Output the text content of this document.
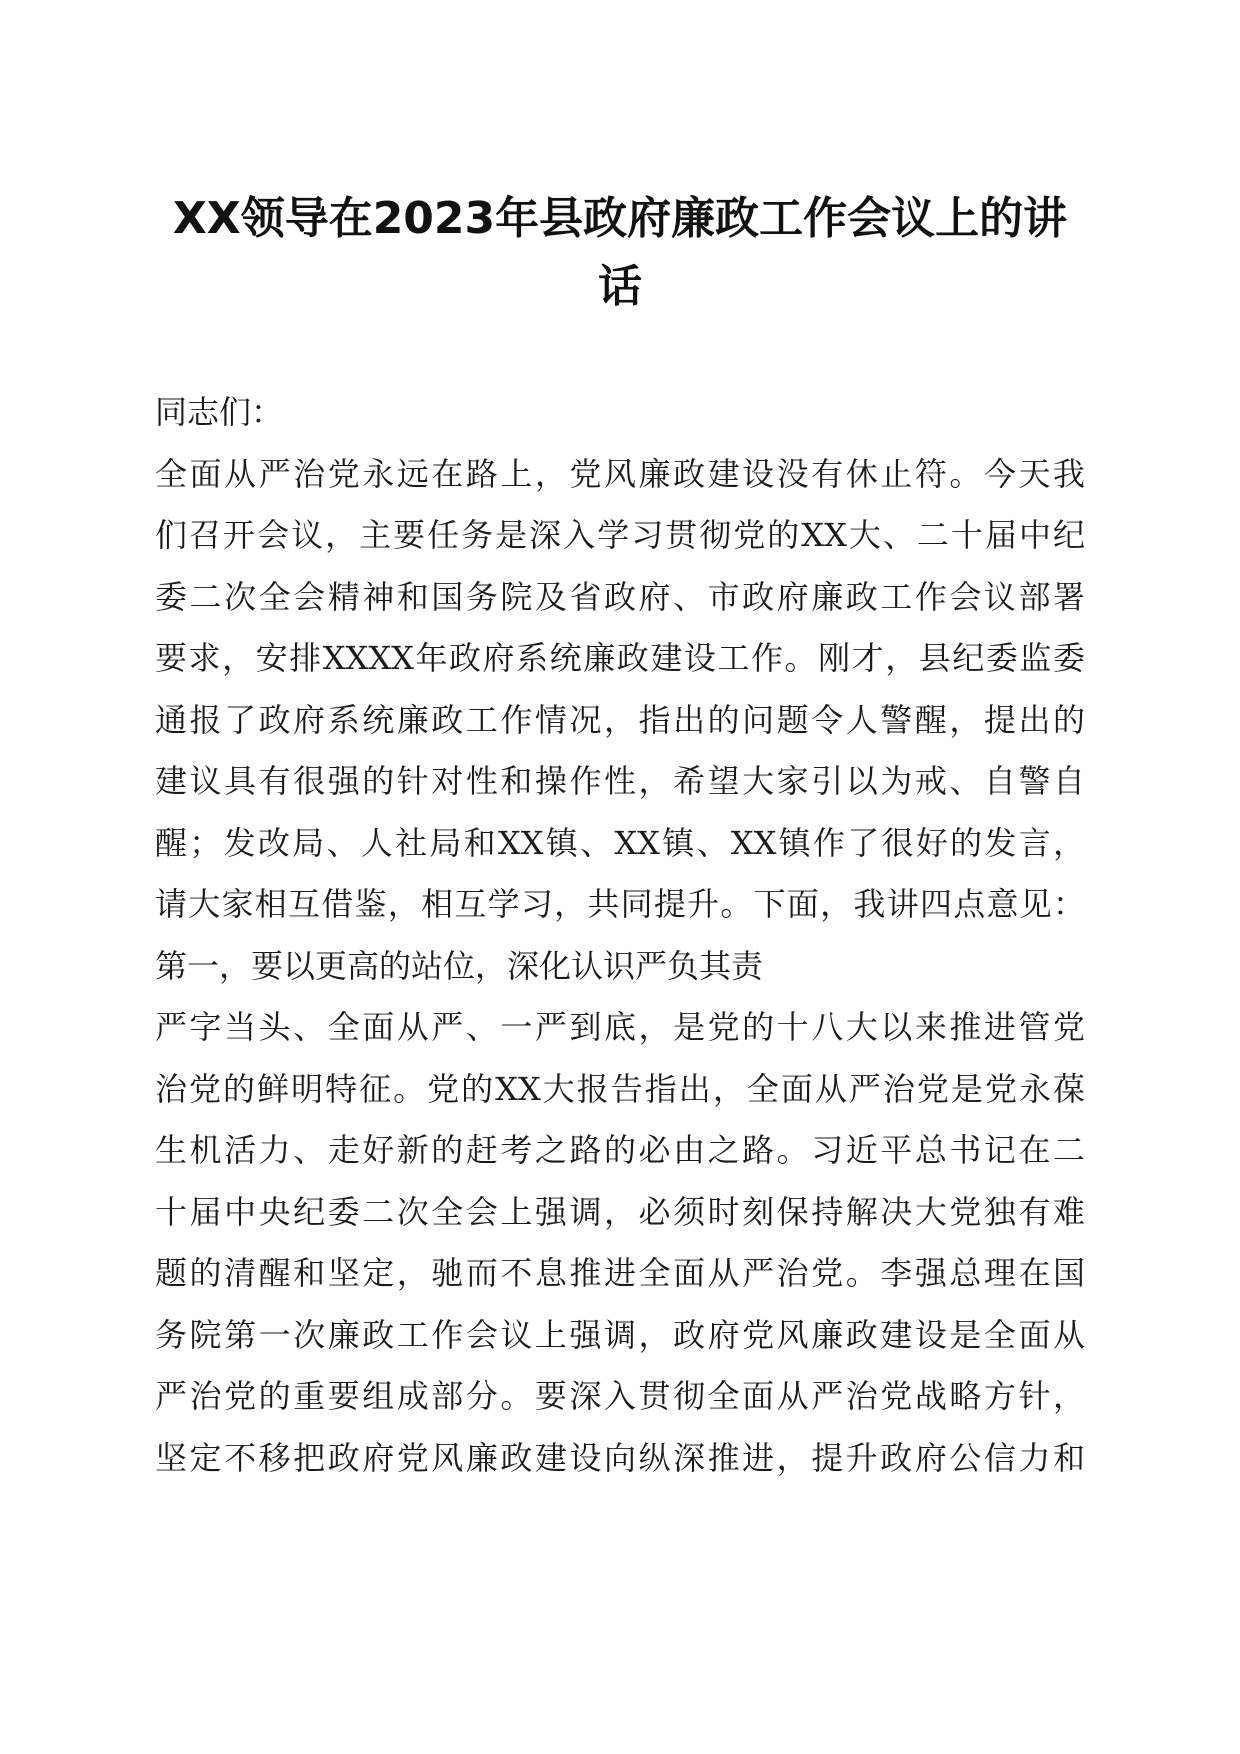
XX领导在2023年县政府廉政工作会议上的讲
话
同志们：
全面从严治党永远在路上，党风廉政建设没有休止符。今天我
们召开会议，主要任务是深入学习贯彻党的XX大、二十届中纪
委二次全会精神和国务院及省政府、市政府廉政工作会议部署
要求，安排XXXX年政府系统廉政建设工作。刚才，县纪委监委
通报了政府系统廉政工作情况，指出的问题令人警醒，提出的
建议具有很强的针对性和操作性，希望大家引以为戒、自警自
醒；发改局、人社局和XX镇、XX镇、XX镇作了很好的发言，
请大家相互借鉴，相互学习，共同提升。下面，我讲四点意见：
第一，要以更高的站位，深化认识严负其责
严字当头、全面从严、一严到底，是党的十八大以来推进管党
治党的鲜明特征。党的XX大报告指出，全面从严治党是党永葆
生机活力、走好新的赶考之路的必由之路。习近平总书记在二
十届中央纪委二次全会上强调，必须时刻保持解决大党独有难
题的清醒和坚定，驰而不息推进全面从严治党。李强总理在国
务院第一次廉政工作会议上强调，政府党风廉政建设是全面从
严治党的重要组成部分。要深入贯彻全面从严治党战略方针，
坚定不移把政府党风廉政建设向纵深推进，提升政府公信力和
